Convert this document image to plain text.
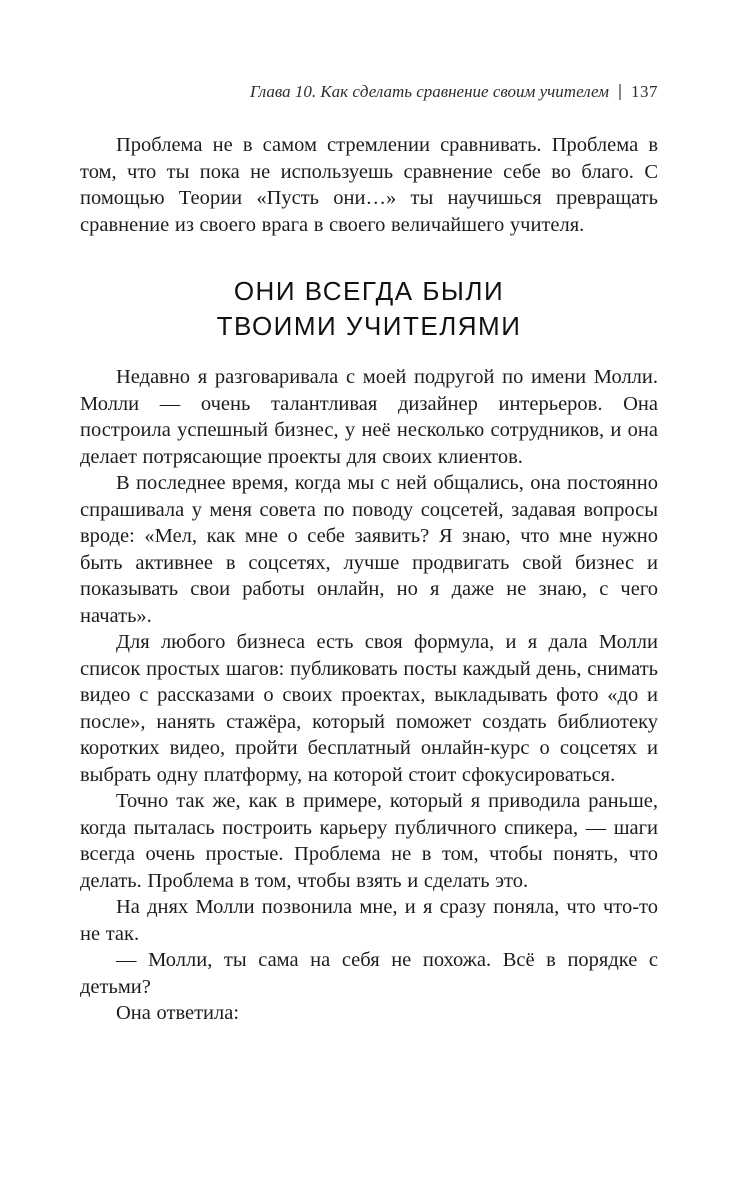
Глава 10. Как сделать сравнение своим учителем 137

Проблема не в самом стремлении сравнивать. Проблема в том, что ты пока не используешь сравнение себе во благо. С помощью Теории «Пусть они…» ты научишься превращать сравнение из своего врага в своего величайшего учителя.

ОНИ ВСЕГДА БЫЛИ
ТВОИМИ УЧИТЕЛЯМИ

Недавно я разговаривала с моей подругой по имени Молли. Молли — очень талантливая дизайнер интерьеров. Она построила успешный бизнес, у неё несколько сотрудников, и она делает потрясающие проекты для своих клиентов.

В последнее время, когда мы с ней общались, она постоянно спрашивала у меня совета по поводу соцсетей, задавая вопросы вроде: «Мел, как мне о себе заявить? Я знаю, что мне нужно быть активнее в соцсетях, лучше продвигать свой бизнес и показывать свои работы онлайн, но я даже не знаю, с чего начать».

Для любого бизнеса есть своя формула, и я дала Молли список простых шагов: публиковать посты каждый день, снимать видео с рассказами о своих проектах, выкладывать фото «до и после», нанять стажёра, который поможет создать библиотеку коротких видео, пройти бесплатный онлайн-курс о соцсетях и выбрать одну платформу, на которой стоит сфокусироваться.

Точно так же, как в примере, который я приводила раньше, когда пыталась построить карьеру публичного спикера, — шаги всегда очень простые. Проблема не в том, чтобы понять, что делать. Проблема в том, чтобы взять и сделать это.

На днях Молли позвонила мне, и я сразу поняла, что что-то не так.

— Молли, ты сама на себя не похожа. Всё в порядке с детьми?

Она ответила:
